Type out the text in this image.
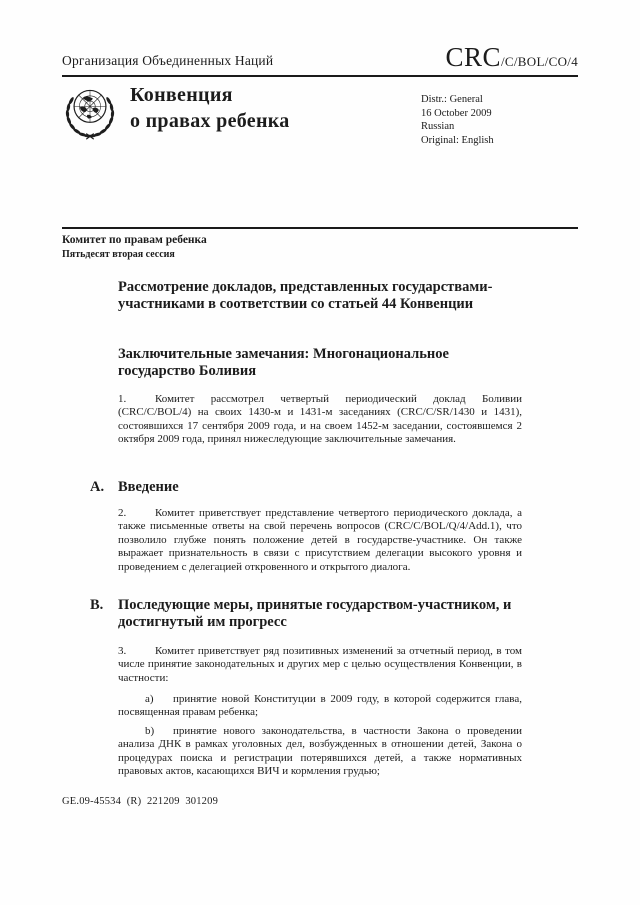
Организация Объединенных Наций	CRC /C/BOL/CO/4
Конвенция
о правах ребенка
Distr.: General
16 October 2009
Russian
Original: English
Комитет по правам ребенка
Пятьдесят вторая сессия
Рассмотрение докладов, представленных государствами-участниками в соответствии со статьей 44 Конвенции
Заключительные замечания: Многонациональное государство Боливия

1.	Комитет рассмотрел четвертый периодический доклад Боливии (CRC/C/BOL/4) на своих 1430-м и 1431-м заседаниях (CRC/C/SR/1430 и 1431), состоявшихся 17 сентября 2009 года, и на своем 1452-м заседании, состоявшемся 2 октября 2009 года, принял нижеследующие заключительные замечания.

A. Введение

2.	Комитет приветствует представление четвертого периодического доклада, а также письменные ответы на свой перечень вопросов (CRC/C/BOL/Q/4/Add.1), что позволило глубже понять положение детей в государстве-участнике. Он также выражает признательность в связи с присутствием делегации высокого уровня и проведением с делегацией откровенного и открытого диалога.

B. Последующие меры, принятые государством-участником, и достигнутый им прогресс

3.	Комитет приветствует ряд позитивных изменений за отчетный период, в том числе принятие законодательных и других мер с целью осуществления Конвенции, в частности:

a) принятие новой Конституции в 2009 году, в которой содержится глава, посвященная правам ребенка;

b) принятие нового законодательства, в частности Закона о проведении анализа ДНК в рамках уголовных дел, возбужденных в отношении детей, Закона о процедурах поиска и регистрации потерявшихся детей, а также нормативных правовых актов, касающихся ВИЧ и кормления грудью;

GE.09-45534  (R)  221209  301209
